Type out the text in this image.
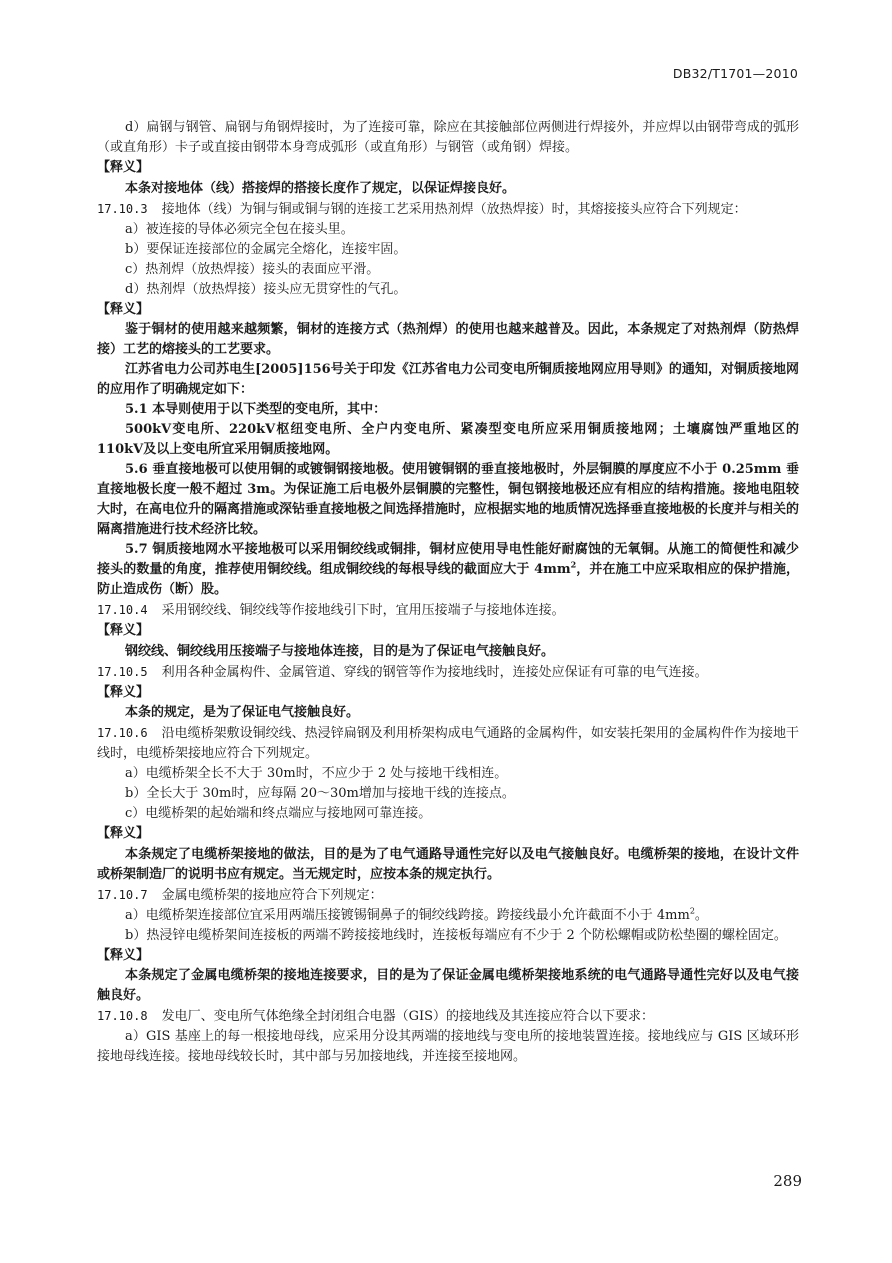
DB32/T1701—2010

d）扁钢与钢管、扁钢与角钢焊接时，为了连接可靠，除应在其接触部位两侧进行焊接外，并应焊以由钢带弯成的弧形（或直角形）卡子或直接由钢带本身弯成弧形（或直角形）与钢管（或角钢）焊接。

【释义】

本条对接地体（线）搭接焊的搭接长度作了规定，以保证焊接良好。

17.10.3 接地体（线）为铜与铜或铜与钢的连接工艺采用热剂焊（放热焊接）时，其熔接接头应符合下列规定：

a）被连接的导体必须完全包在接头里。

b）要保证连接部位的金属完全熔化，连接牢固。

c）热剂焊（放热焊接）接头的表面应平滑。

d）热剂焊（放热焊接）接头应无贯穿性的气孔。

【释义】

鉴于铜材的使用越来越频繁，铜材的连接方式（热剂焊）的使用也越来越普及。因此，本条规定了对热剂焊（防热焊接）工艺的熔接头的工艺要求。

江苏省电力公司苏电生[2005]156号关于印发《江苏省电力公司变电所铜质接地网应用导则》的通知，对铜质接地网的应用作了明确规定如下：

5.1 本导则使用于以下类型的变电所，其中：

500kV变电所、220kV枢纽变电所、全户内变电所、紧凑型变电所应采用铜质接地网；土壤腐蚀严重地区的 110kV及以上变电所宜采用铜质接地网。

5.6 垂直接地极可以使用铜的或镀铜钢接地极。使用镀铜钢的垂直接地极时，外层铜膜的厚度应不小于 0.25mm 垂直接地极长度一般不超过 3m。为保证施工后电极外层铜膜的完整性，铜包钢接地极还应有相应的结构措施。接地电阻较大时，在高电位升的隔离措施或深钻垂直接地极之间选择措施时，应根据实地的地质情况选择垂直接地极的长度并与相关的隔离措施进行技术经济比较。

5.7 铜质接地网水平接地极可以采用铜绞线或铜排，铜材应使用导电性能好耐腐蚀的无氧铜。从施工的简便性和减少接头的数量的角度，推荐使用铜绞线。组成铜绞线的每根导线的截面应大于 $4mm^2$，并在施工中应采取相应的保护措施，防止造成伤（断）股。

17.10.4 采用钢绞线、铜绞线等作接地线引下时，宜用压接端子与接地体连接。

【释义】

钢绞线、铜绞线用压接端子与接地体连接，目的是为了保证电气接触良好。

17.10.5 利用各种金属构件、金属管道、穿线的钢管等作为接地线时，连接处应保证有可靠的电气连接。

【释义】

本条的规定，是为了保证电气接触良好。

17.10.6 沿电缆桥架敷设铜绞线、热浸锌扁钢及利用桥架构成电气通路的金属构件，如安装托架用的金属构件作为接地干线时，电缆桥架接地应符合下列规定。

a）电缆桥架全长不大于 30m时，不应少于 2 处与接地干线相连。

b）全长大于 30m时，应每隔 20～30m增加与接地干线的连接点。

c）电缆桥架的起始端和终点端应与接地网可靠连接。

【释义】

本条规定了电缆桥架接地的做法，目的是为了电气通路导通性完好以及电气接触良好。电缆桥架的接地，在设计文件或桥架制造厂的说明书应有规定。当无规定时，应按本条的规定执行。

17.10.7 金属电缆桥架的接地应符合下列规定：

a）电缆桥架连接部位宜采用两端压接镀锡铜鼻子的铜绞线跨接。跨接线最小允许截面不小于 $4mm^2$。

b）热浸锌电缆桥架间连接板的两端不跨接接地线时，连接板每端应有不少于 2 个防松螺帽或防松垫圈的螺栓固定。

【释义】

本条规定了金属电缆桥架的接地连接要求，目的是为了保证金属电缆桥架接地系统的电气通路导通性完好以及电气接触良好。

17.10.8 发电厂、变电所气体绝缘全封闭组合电器（GIS）的接地线及其连接应符合以下要求：

a）GIS 基座上的每一根接地母线，应采用分设其两端的接地线与变电所的接地装置连接。接地线应与 GIS 区域环形接地母线连接。接地母线较长时，其中部与另加接地线，并连接至接地网。

289
